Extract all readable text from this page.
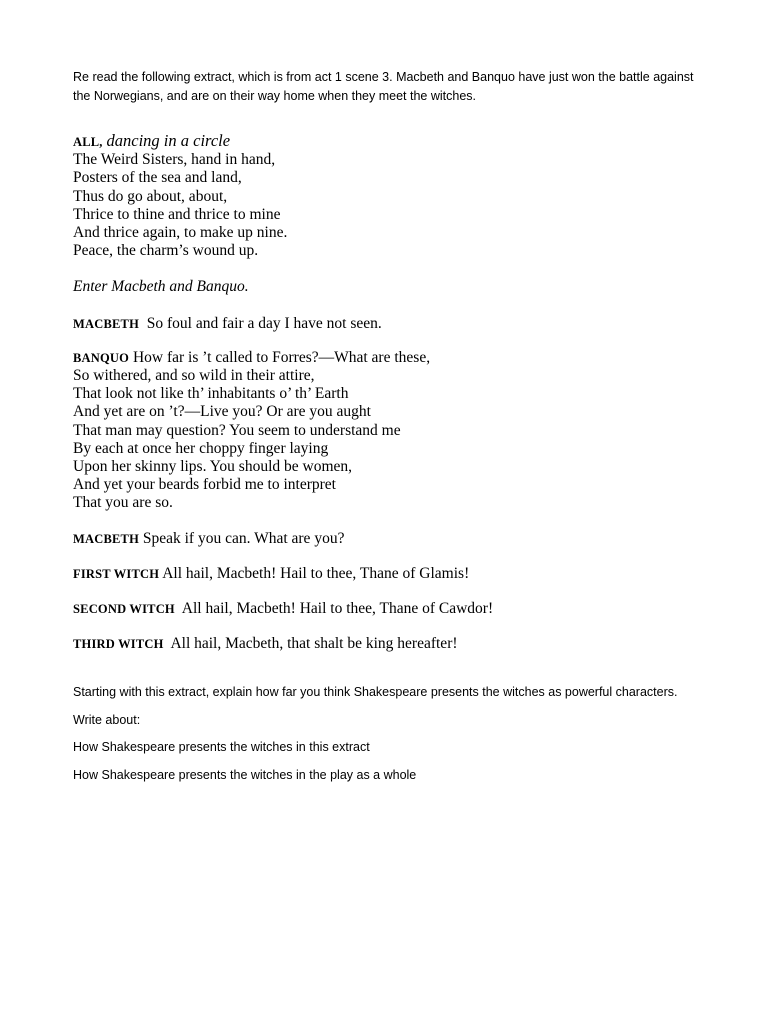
Re read the following extract, which is from act 1 scene 3. Macbeth and Banquo have just won the battle against the Norwegians, and are on their way home when they meet the witches.

ALL, dancing in a circle
The Weird Sisters, hand in hand,
Posters of the sea and land,
Thus do go about, about,
Thrice to thine and thrice to mine
And thrice again, to make up nine.
Peace, the charm’s wound up.
Enter Macbeth and Banquo.
MACBETH So foul and fair a day I have not seen.
BANQUO How far is ’t called to Forres?—What are these,
So withered, and so wild in their attire,
That look not like th’ inhabitants o’ th’ Earth
And yet are on ’t?—Live you? Or are you aught
That man may question? You seem to understand me
By each at once her choppy finger laying
Upon her skinny lips. You should be women,
And yet your beards forbid me to interpret
That you are so.
MACBETH Speak if you can. What are you?
FIRST WITCH All hail, Macbeth! Hail to thee, Thane of Glamis!
SECOND WITCH All hail, Macbeth! Hail to thee, Thane of Cawdor!
THIRD WITCH All hail, Macbeth, that shalt be king hereafter!

Starting with this extract, explain how far you think Shakespeare presents the witches as powerful characters.

Write about:

How Shakespeare presents the witches in this extract

How Shakespeare presents the witches in the play as a whole
